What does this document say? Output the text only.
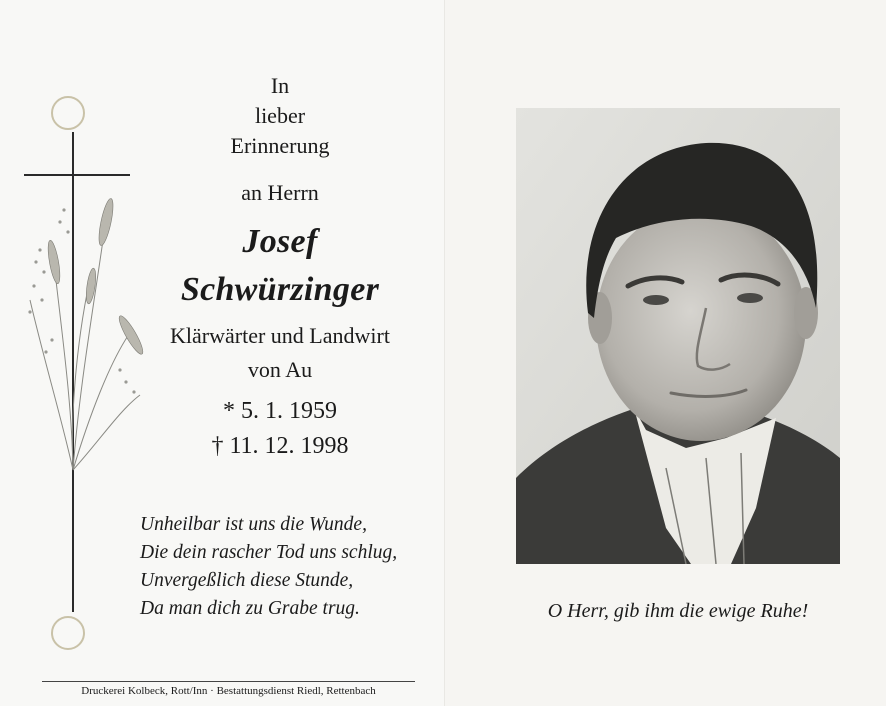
In
lieber
Erinnerung
an Herrn
Josef
Schwürzinger
Klärwärter und Landwirt
von Au
* 5. 1. 1959
† 11. 12. 1998
Unheilbar ist uns die Wunde,
Die dein rascher Tod uns schlug,
Unvergeßlich diese Stunde,
Da man dich zu Grabe trug.
Druckerei Kolbeck, Rott/Inn · Bestattungsdienst Riedl, Rettenbach
O Herr, gib ihm die ewige Ruhe!
